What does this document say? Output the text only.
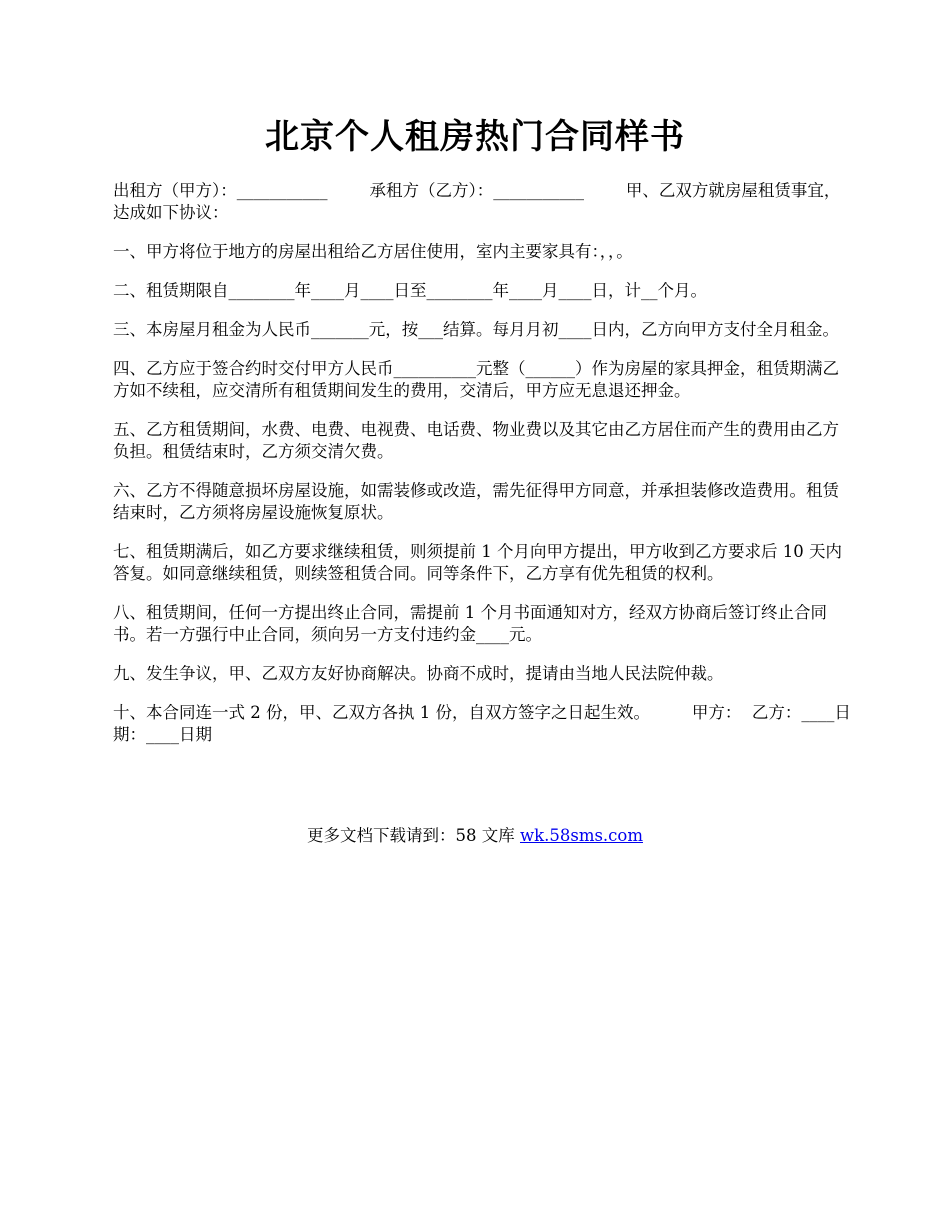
北京个人租房热门合同样书

出租方（甲方）：___________        承租方（乙方）：___________        甲、乙双方就房屋租赁事宜，达成如下协议：

一、甲方将位于地方的房屋出租给乙方居住使用，室内主要家具有：，，。

二、租赁期限自________年____月____日至________年____月____日，计__个月。

三、本房屋月租金为人民币_______元，按___结算。每月月初____日内，乙方向甲方支付全月租金。

四、乙方应于签合约时交付甲方人民币__________元整（______）作为房屋的家具押金，租赁期满乙方如不续租，应交清所有租赁期间发生的费用，交清后，甲方应无息退还押金。

五、乙方租赁期间，水费、电费、电视费、电话费、物业费以及其它由乙方居住而产生的费用由乙方负担。租赁结束时，乙方须交清欠费。

六、乙方不得随意损坏房屋设施，如需装修或改造，需先征得甲方同意，并承担装修改造费用。租赁结束时，乙方须将房屋设施恢复原状。

七、租赁期满后，如乙方要求继续租赁，则须提前 1 个月向甲方提出，甲方收到乙方要求后 10 天内答复。如同意继续租赁，则续签租赁合同。同等条件下，乙方享有优先租赁的权利。

八、租赁期间，任何一方提出终止合同，需提前 1 个月书面通知对方，经双方协商后签订终止合同书。若一方强行中止合同，须向另一方支付违约金____元。

九、发生争议，甲、乙双方友好协商解决。协商不成时，提请由当地人民法院仲裁。

十、本合同连一式 2 份，甲、乙双方各执 1 份，自双方签字之日起生效。        甲方：  乙方：____日期：____日期

更多文档下载请到：58 文库 wk.58sms.com
